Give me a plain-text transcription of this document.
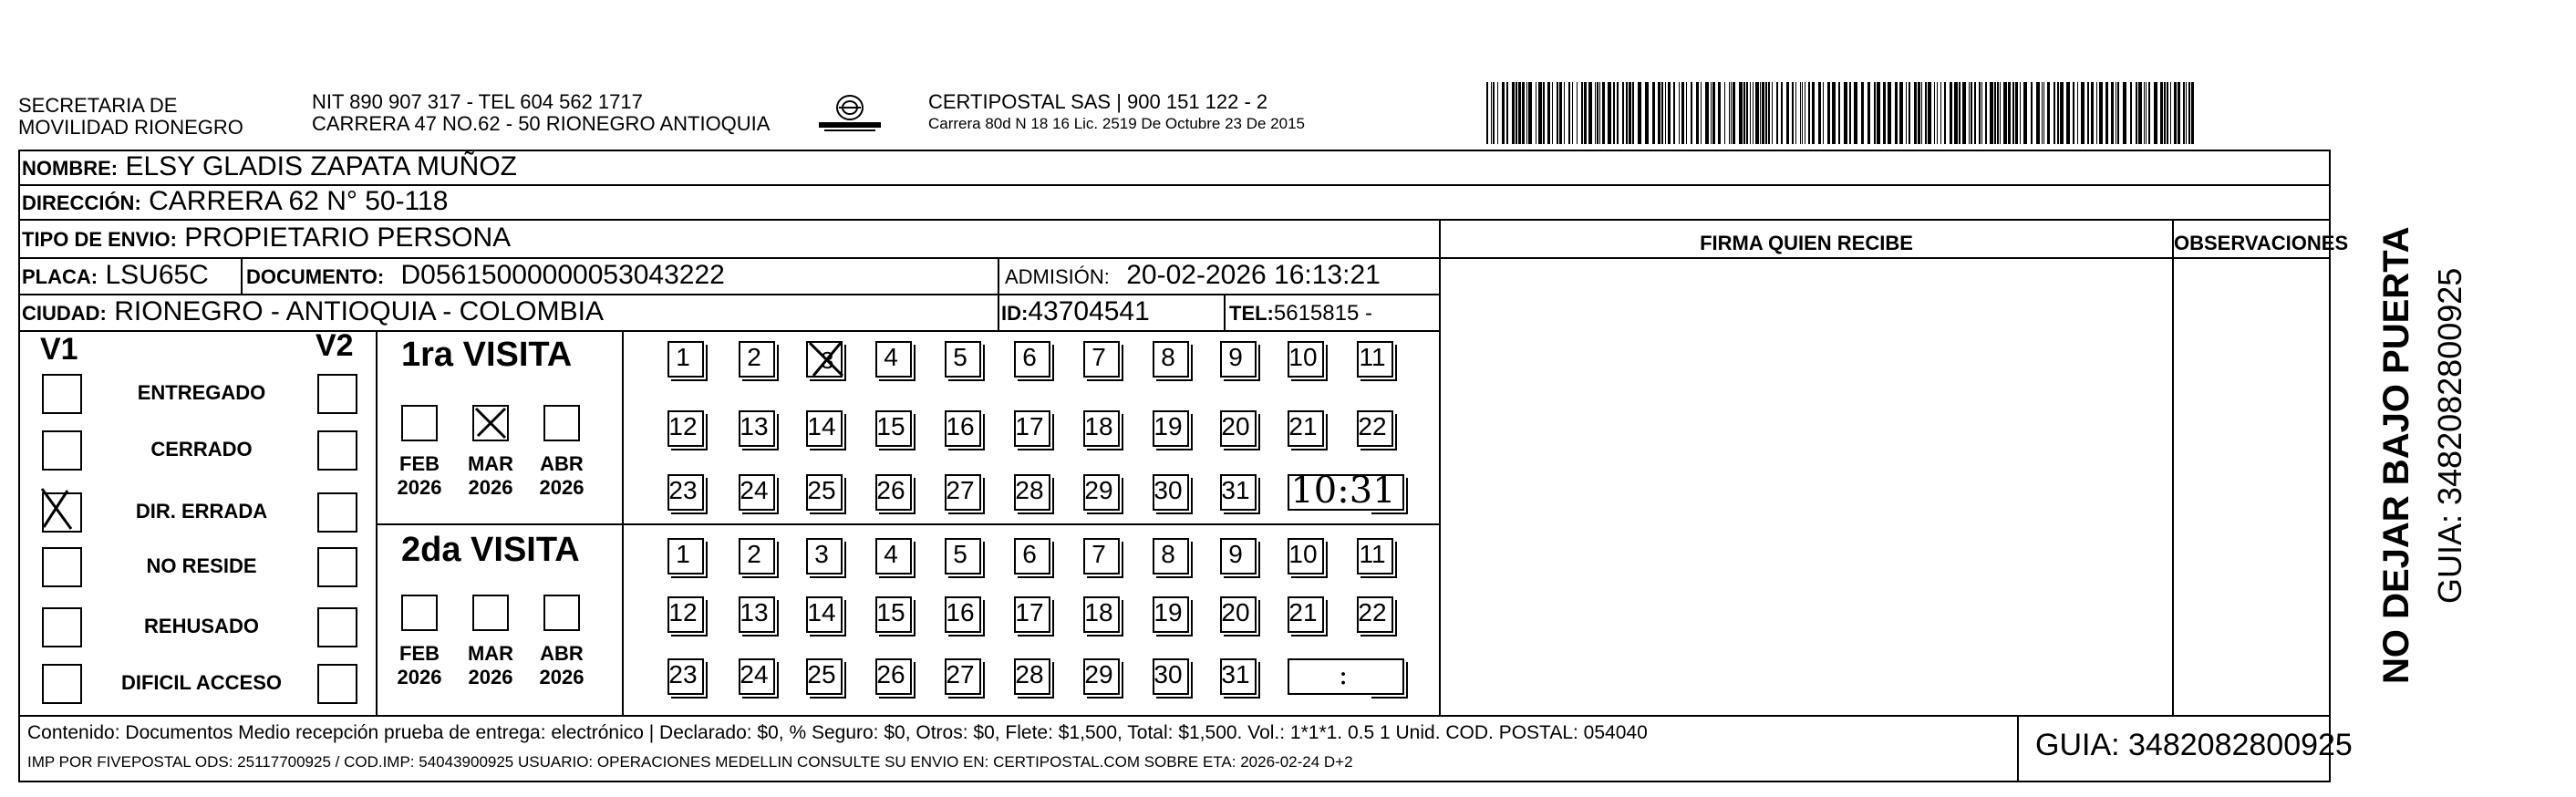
SECRETARIA DE
MOVILIDAD RIONEGRO
NIT 890 907 317 - TEL 604 562 1717
CARRERA 47 NO.62 - 50 RIONEGRO ANTIOQUIA
CERTIPOSTAL SAS | 900 151 122 - 2
Carrera 80d N 18 16 Lic. 2519 De Octubre 23 De 2015
NOMBRE: ELSY GLADIS ZAPATA MUÑOZ
DIRECCIÓN: CARRERA 62 N° 50-118
TIPO DE ENVIO: PROPIETARIO PERSONA
PLACA: LSU65C DOCUMENTO: D05615000000053043222	ADMISIÓN: 20-02-2026 16:13:21
CIUDAD: RIONEGRO - ANTIOQUIA - COLOMBIA	ID:43704541	TEL:5615815 -
FIRMA QUIEN RECIBE	OBSERVACIONES
V1	V2
ENTREGADO
CERRADO
DIR. ERRADA
NO RESIDE
REHUSADO
DIFICIL ACCESO
1ra VISITA
2da VISITA
FEB
2026
MAR
2026
ABR
2026
FEB
2026
MAR
2026
ABR
2026
1	2	3	4	5	6	7	8	9	10 11
12 13 14 15 16 17 18 19 20 21 22
23 24 25 26 27 28 29 30 31 10:31
1	2	3	4	5	6	7	8	9	10 11
12 13 14 15 16 17 18 19 20 21 22
23 24 25 26 27 28 29 30 31	:
Contenido: Documentos Medio recepción prueba de entrega: electrónico | Declarado: $0, % Seguro: $0, Otros: $0, Flete: $1,500, Total: $1,500. Vol.: 1*1*1. 0.5 1 Unid. COD. POSTAL: 054040
IMP POR FIVEPOSTAL ODS: 25117700925 / COD.IMP: 54043900925 USUARIO: OPERACIONES MEDELLIN CONSULTE SU ENVIO EN: CERTIPOSTAL.COM SOBRE ETA: 2026-02-24 D+2	GUIA: 3482082800925
NO DEJAR BAJO PUERTA GUIA: 3482082800925
